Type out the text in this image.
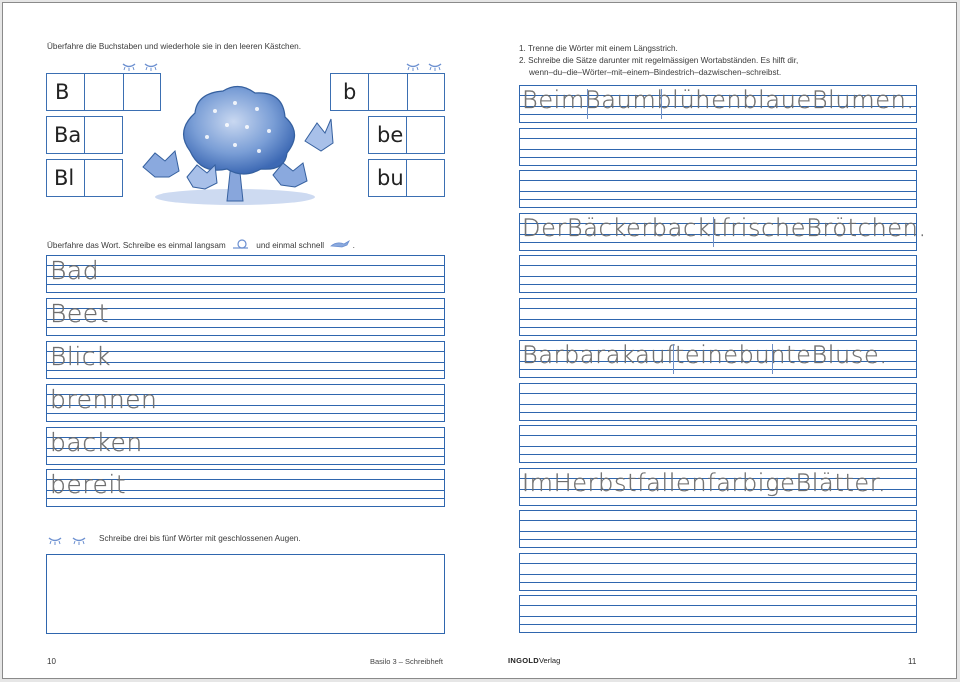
Überfahre die Buchstaben und wiederhole sie in den leeren Kästchen.
B
Ba
Bl
b
be
bu
Überfahre das Wort. Schreibe es einmal langsam	und einmal schnell	.
Bad
Beet
Blick
brennen
backen
bereit
Schreibe drei bis fünf Wörter mit geschlossenen Augen.
10	Basilo 3 – Schreibheft
1. Trenne die Wörter mit einem Längsstrich.
2. Schreibe die Sätze darunter mit regelmässigen Wortabständen. Es hilft dir,
wenn–du–die–Wörter–mit–einem–Bindestrich–dazwischen–schreibst.
BeimBaumblühenblaueBlumen.
DerBäckerbacktfrischeBrötchen.
BarbarakaufteinebunteBluse.
ImHerbstfallenfarbigeBlätter.
INGOLDVerlag	11
